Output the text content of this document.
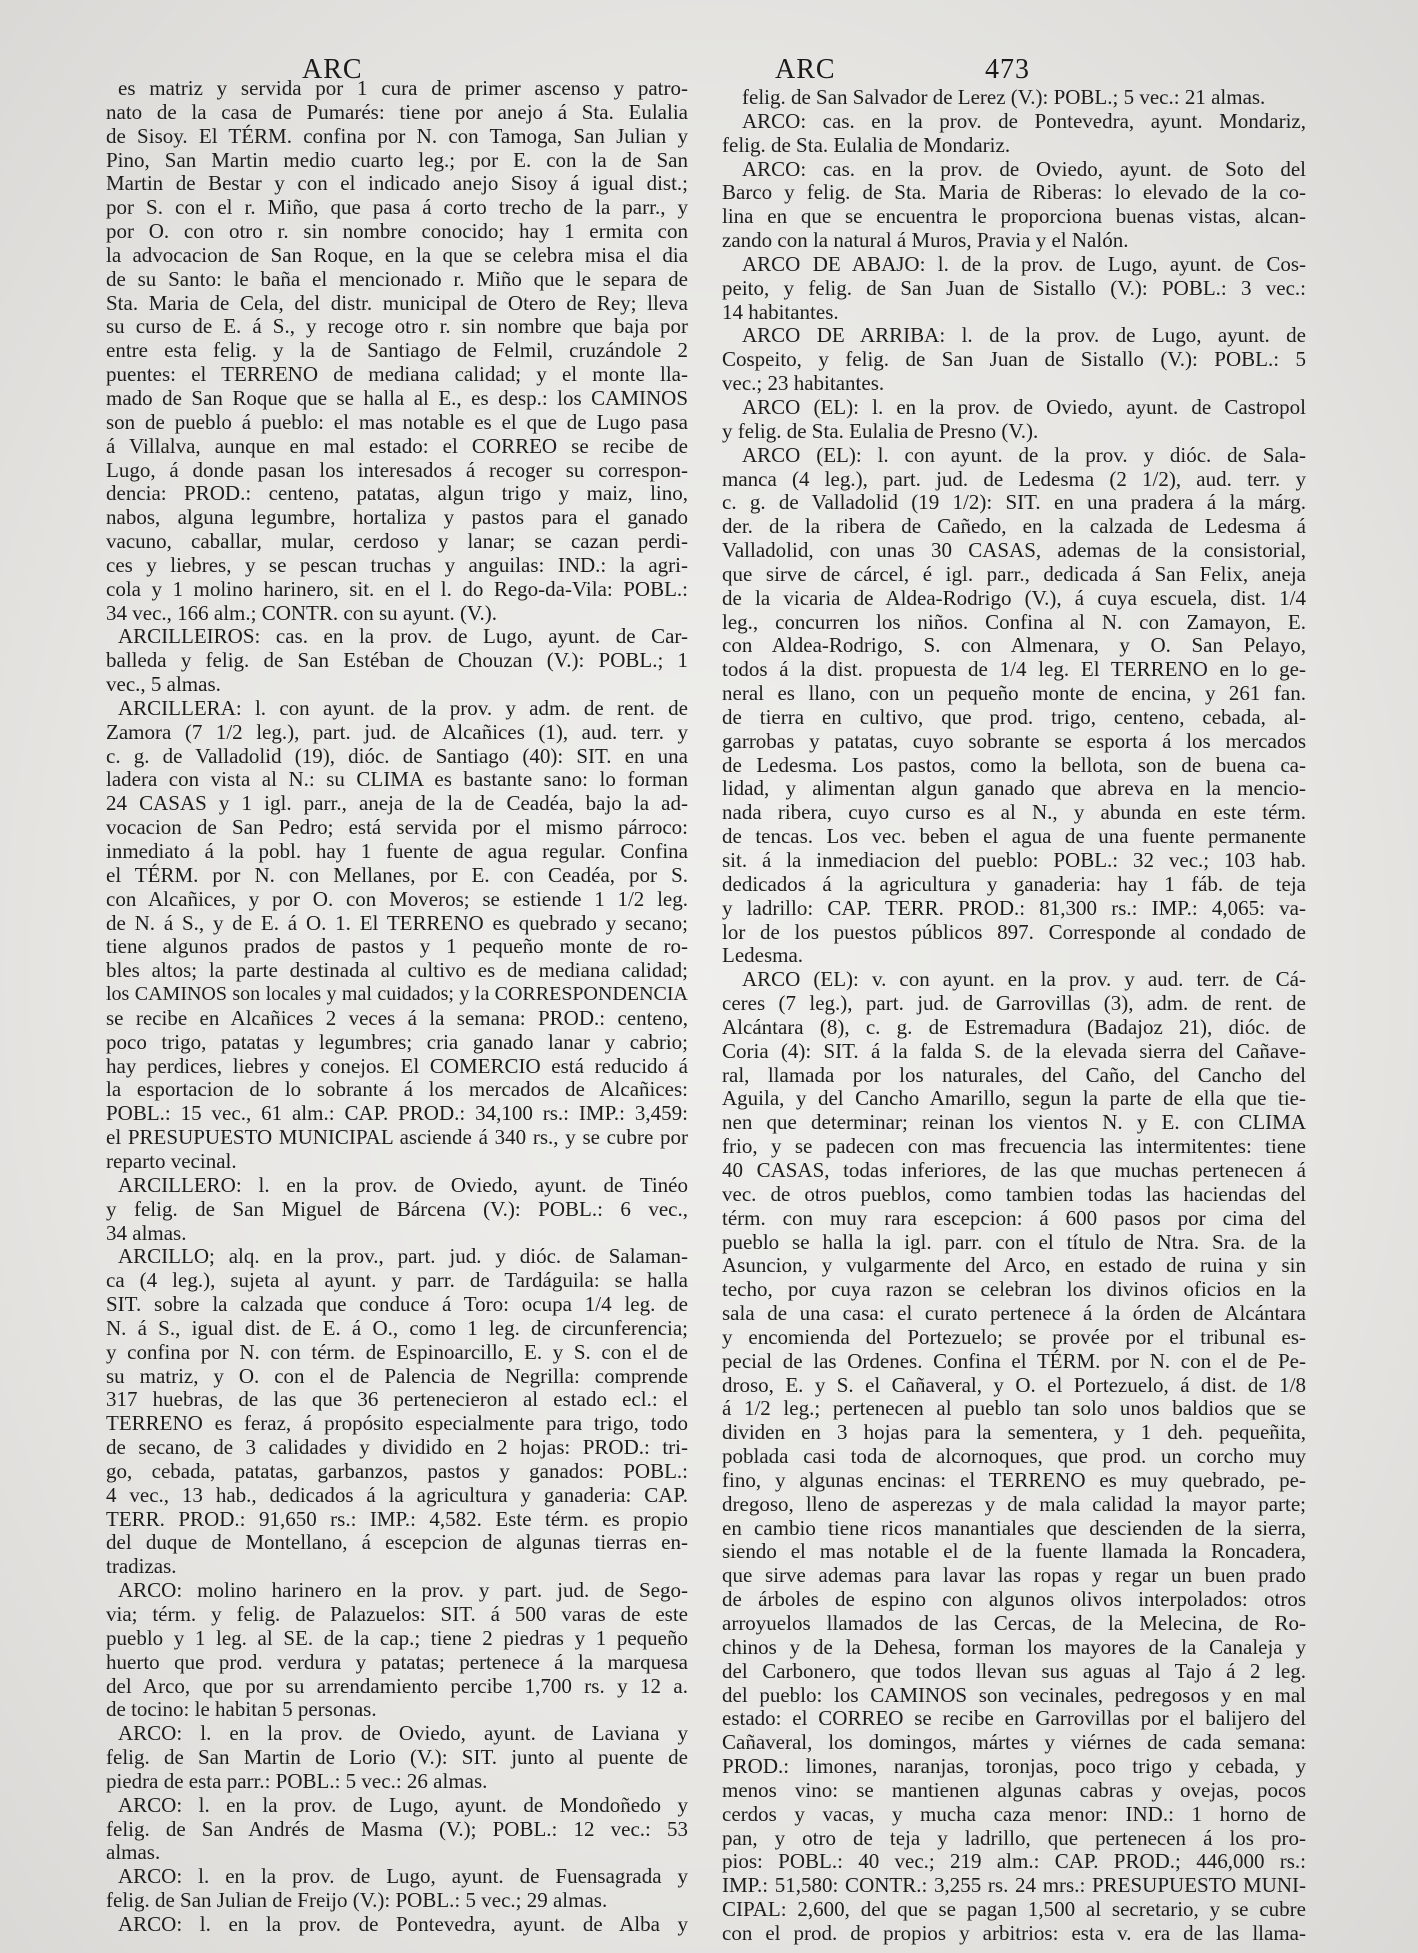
ARC	ARC	473
es matriz y servida por 1 cura de primer ascenso y patro-
nato de la casa de Pumarés: tiene por anejo á Sta. Eulalia
de Sisoy. El TÉRM. confina por N. con Tamoga, San Julian y
Pino, San Martin medio cuarto leg.; por E. con la de San
Martin de Bestar y con el indicado anejo Sisoy á igual dist.;
por S. con el r. Miño, que pasa á corto trecho de la parr., y
por O. con otro r. sin nombre conocido; hay 1 ermita con
la advocacion de San Roque, en la que se celebra misa el dia
de su Santo: le baña el mencionado r. Miño que le separa de
Sta. Maria de Cela, del distr. municipal de Otero de Rey; lleva
su curso de E. á S., y recoge otro r. sin nombre que baja por
entre esta felig. y la de Santiago de Felmil, cruzándole 2
puentes: el TERRENO de mediana calidad; y el monte lla-
mado de San Roque que se halla al E., es desp.: los CAMINOS
son de pueblo á pueblo: el mas notable es el que de Lugo pasa
á Villalva, aunque en mal estado: el CORREO se recibe de
Lugo, á donde pasan los interesados á recoger su correspon-
dencia: PROD.: centeno, patatas, algun trigo y maiz, lino,
nabos, alguna legumbre, hortaliza y pastos para el ganado
vacuno, caballar, mular, cerdoso y lanar; se cazan perdi-
ces y liebres, y se pescan truchas y anguilas: IND.: la agri-
cola y 1 molino harinero, sit. en el l. do Rego-da-Vila: POBL.:
34 vec., 166 alm.; CONTR. con su ayunt. (V.).
ARCILLEIROS: cas. en la prov. de Lugo, ayunt. de Car-
balleda y felig. de San Estéban de Chouzan (V.): POBL.; 1
vec., 5 almas.
ARCILLERA: l. con ayunt. de la prov. y adm. de rent. de
Zamora (7 1/2 leg.), part. jud. de Alcañices (1), aud. terr. y
c. g. de Valladolid (19), dióc. de Santiago (40): SIT. en una
ladera con vista al N.: su CLIMA es bastante sano: lo forman
24 CASAS y 1 igl. parr., aneja de la de Ceadéa, bajo la ad-
vocacion de San Pedro; está servida por el mismo párroco:
inmediato á la pobl. hay 1 fuente de agua regular. Confina
el TÉRM. por N. con Mellanes, por E. con Ceadéa, por S.
con Alcañices, y por O. con Moveros; se estiende 1 1/2 leg.
de N. á S., y de E. á O. 1. El TERRENO es quebrado y secano;
tiene algunos prados de pastos y 1 pequeño monte de ro-
bles altos; la parte destinada al cultivo es de mediana calidad;
los CAMINOS son locales y mal cuidados; y la CORRESPONDENCIA
se recibe en Alcañices 2 veces á la semana: PROD.: centeno,
poco trigo, patatas y legumbres; cria ganado lanar y cabrio;
hay perdices, liebres y conejos. El COMERCIO está reducido á
la esportacion de lo sobrante á los mercados de Alcañices:
POBL.: 15 vec., 61 alm.: CAP. PROD.: 34,100 rs.: IMP.: 3,459:
el PRESUPUESTO MUNICIPAL asciende á 340 rs., y se cubre por
reparto vecinal.
ARCILLERO: l. en la prov. de Oviedo, ayunt. de Tinéo
y felig. de San Miguel de Bárcena (V.): POBL.: 6 vec.,
34 almas.
ARCILLO; alq. en la prov., part. jud. y dióc. de Salaman-
ca (4 leg.), sujeta al ayunt. y parr. de Tardáguila: se halla
SIT. sobre la calzada que conduce á Toro: ocupa 1/4 leg. de
N. á S., igual dist. de E. á O., como 1 leg. de circunferencia;
y confina por N. con térm. de Espinoarcillo, E. y S. con el de
su matriz, y O. con el de Palencia de Negrilla: comprende
317 huebras, de las que 36 pertenecieron al estado ecl.: el
TERRENO es feraz, á propósito especialmente para trigo, todo
de secano, de 3 calidades y dividido en 2 hojas: PROD.: tri-
go, cebada, patatas, garbanzos, pastos y ganados: POBL.:
4 vec., 13 hab., dedicados á la agricultura y ganaderia: CAP.
TERR. PROD.: 91,650 rs.: IMP.: 4,582. Este térm. es propio
del duque de Montellano, á escepcion de algunas tierras en-
tradizas.
ARCO: molino harinero en la prov. y part. jud. de Sego-
via; térm. y felig. de Palazuelos: SIT. á 500 varas de este
pueblo y 1 leg. al SE. de la cap.; tiene 2 piedras y 1 pequeño
huerto que prod. verdura y patatas; pertenece á la marquesa
del Arco, que por su arrendamiento percibe 1,700 rs. y 12 a.
de tocino: le habitan 5 personas.
ARCO: l. en la prov. de Oviedo, ayunt. de Laviana y
felig. de San Martin de Lorio (V.): SIT. junto al puente de
piedra de esta parr.: POBL.: 5 vec.: 26 almas.
ARCO: l. en la prov. de Lugo, ayunt. de Mondoñedo y
felig. de San Andrés de Masma (V.); POBL.: 12 vec.: 53
almas.
ARCO: l. en la prov. de Lugo, ayunt. de Fuensagrada y
felig. de San Julian de Freijo (V.): POBL.: 5 vec.; 29 almas.
ARCO: l. en la prov. de Pontevedra, ayunt. de Alba y
felig. de San Salvador de Lerez (V.): POBL.; 5 vec.: 21 almas.
ARCO: cas. en la prov. de Pontevedra, ayunt. Mondariz,
felig. de Sta. Eulalia de Mondariz.
ARCO: cas. en la prov. de Oviedo, ayunt. de Soto del
Barco y felig. de Sta. Maria de Riberas: lo elevado de la co-
lina en que se encuentra le proporciona buenas vistas, alcan-
zando con la natural á Muros, Pravia y el Nalón.
ARCO DE ABAJO: l. de la prov. de Lugo, ayunt. de Cos-
peito, y felig. de San Juan de Sistallo (V.): POBL.: 3 vec.:
14 habitantes.
ARCO DE ARRIBA: l. de la prov. de Lugo, ayunt. de
Cospeito, y felig. de San Juan de Sistallo (V.): POBL.: 5
vec.; 23 habitantes.
ARCO (EL): l. en la prov. de Oviedo, ayunt. de Castropol
y felig. de Sta. Eulalia de Presno (V.).
ARCO (EL): l. con ayunt. de la prov. y dióc. de Sala-
manca (4 leg.), part. jud. de Ledesma (2 1/2), aud. terr. y
c. g. de Valladolid (19 1/2): SIT. en una pradera á la márg.
der. de la ribera de Cañedo, en la calzada de Ledesma á
Valladolid, con unas 30 CASAS, ademas de la consistorial,
que sirve de cárcel, é igl. parr., dedicada á San Felix, aneja
de la vicaria de Aldea-Rodrigo (V.), á cuya escuela, dist. 1/4
leg., concurren los niños. Confina al N. con Zamayon, E.
con Aldea-Rodrigo, S. con Almenara, y O. San Pelayo,
todos á la dist. propuesta de 1/4 leg. El TERRENO en lo ge-
neral es llano, con un pequeño monte de encina, y 261 fan.
de tierra en cultivo, que prod. trigo, centeno, cebada, al-
garrobas y patatas, cuyo sobrante se esporta á los mercados
de Ledesma. Los pastos, como la bellota, son de buena ca-
lidad, y alimentan algun ganado que abreva en la mencio-
nada ribera, cuyo curso es al N., y abunda en este térm.
de tencas. Los vec. beben el agua de una fuente permanente
sit. á la inmediacion del pueblo: POBL.: 32 vec.; 103 hab.
dedicados á la agricultura y ganaderia: hay 1 fáb. de teja
y ladrillo: CAP. TERR. PROD.: 81,300 rs.: IMP.: 4,065: va-
lor de los puestos públicos 897. Corresponde al condado de
Ledesma.
ARCO (EL): v. con ayunt. en la prov. y aud. terr. de Cá-
ceres (7 leg.), part. jud. de Garrovillas (3), adm. de rent. de
Alcántara (8), c. g. de Estremadura (Badajoz 21), dióc. de
Coria (4): SIT. á la falda S. de la elevada sierra del Cañave-
ral, llamada por los naturales, del Caño, del Cancho del
Aguila, y del Cancho Amarillo, segun la parte de ella que tie-
nen que determinar; reinan los vientos N. y E. con CLIMA
frio, y se padecen con mas frecuencia las intermitentes: tiene
40 CASAS, todas inferiores, de las que muchas pertenecen á
vec. de otros pueblos, como tambien todas las haciendas del
térm. con muy rara escepcion: á 600 pasos por cima del
pueblo se halla la igl. parr. con el título de Ntra. Sra. de la
Asuncion, y vulgarmente del Arco, en estado de ruina y sin
techo, por cuya razon se celebran los divinos oficios en la
sala de una casa: el curato pertenece á la órden de Alcántara
y encomienda del Portezuelo; se provée por el tribunal es-
pecial de las Ordenes. Confina el TÉRM. por N. con el de Pe-
droso, E. y S. el Cañaveral, y O. el Portezuelo, á dist. de 1/8
á 1/2 leg.; pertenecen al pueblo tan solo unos baldios que se
dividen en 3 hojas para la sementera, y 1 deh. pequeñita,
poblada casi toda de alcornoques, que prod. un corcho muy
fino, y algunas encinas: el TERRENO es muy quebrado, pe-
dregoso, lleno de asperezas y de mala calidad la mayor parte;
en cambio tiene ricos manantiales que descienden de la sierra,
siendo el mas notable el de la fuente llamada la Roncadera,
que sirve ademas para lavar las ropas y regar un buen prado
de árboles de espino con algunos olivos interpolados: otros
arroyuelos llamados de las Cercas, de la Melecina, de Ro-
chinos y de la Dehesa, forman los mayores de la Canaleja y
del Carbonero, que todos llevan sus aguas al Tajo á 2 leg.
del pueblo: los CAMINOS son vecinales, pedregosos y en mal
estado: el CORREO se recibe en Garrovillas por el balijero del
Cañaveral, los domingos, mártes y viérnes de cada semana:
PROD.: limones, naranjas, toronjas, poco trigo y cebada, y
menos vino: se mantienen algunas cabras y ovejas, pocos
cerdos y vacas, y mucha caza menor: IND.: 1 horno de
pan, y otro de teja y ladrillo, que pertenecen á los pro-
pios: POBL.: 40 vec.; 219 alm.: CAP. PROD.; 446,000 rs.:
IMP.: 51,580: CONTR.: 3,255 rs. 24 mrs.: PRESUPUESTO MUNI-
CIPAL: 2,600, del que se pagan 1,500 al secretario, y se cubre
con el prod. de propios y arbitrios: esta v. era de las llama-
